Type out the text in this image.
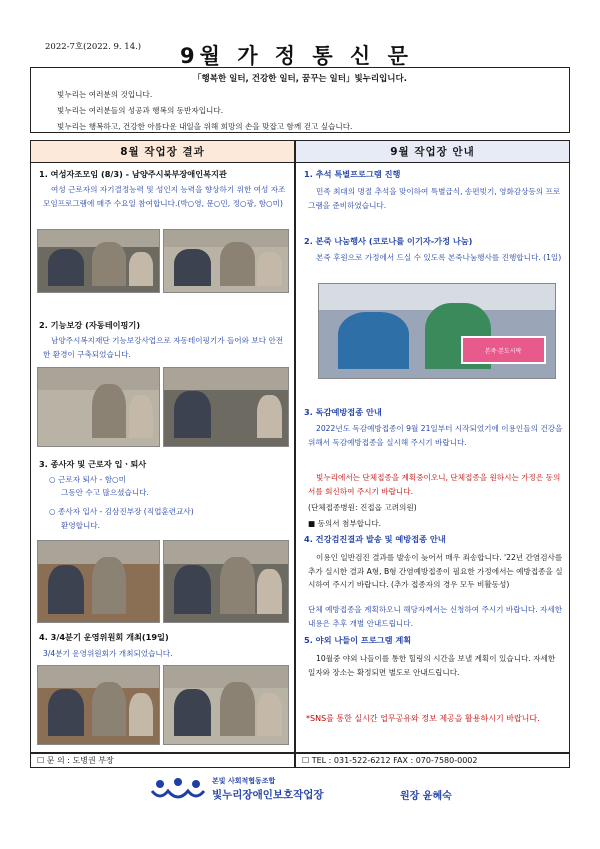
2022-7호(2022. 9. 14.) 9월 가 정 통 신 문
「행복한 일터, 건강한 일터, 꿈꾸는 일터」빛누리입니다.
빛누리는 여러분의 것입니다.
빛누리는 여러분들의 성공과 행복의 동반자입니다.
빛누리는 행복하고, 건강한 아름다운 내일을 위해 희망의 손을 맞잡고 함께 걷고 싶습니다.
8월 작업장 결과
1. 여성자조모임 (8/3) - 남양주시북부장애인복지관
여성 근로자의 자기결정능력 및 성인지 능력을 향상하기 위한 여성 자조모임프로그램에 매주 수요일 참여합니다.(박○영, 문○민, 정○광, 함○미)
2. 기능보강 (자동테이핑기)
남양주시복지재단 기능보강사업으로 자동테이핑기가 들어와 보다 안전한 환경이 구축되었습니다.
3. 종사자 및 근로자 입ㆍ퇴사
○ 근로자 퇴사 - 함○미
그동안 수고 많으셨습니다.
○ 종사자 입사 - 김삼진부장 (직업훈련교사)
환영합니다.
4. 3/4분기 운영위원회 개최(19일)
3/4분기 운영위원회가 개최되었습니다.
9월 작업장 안내
1. 추석 특별프로그램 진행
민족 최대의 명절 추석을 맞이하여 특별급식, 송편빚기, 영화감상등의 프로그램을 준비하였습니다.
2. 본죽 나눔행사 (코로나를 이기자-가정 나눔)
본죽 후원으로 가정에서 드실 수 있도록 본죽나눔행사를 진행합니다. (1일)
본죽·본도시락
3. 독감예방접종 안내
2022년도 독감예방접종이 9월 21일부터 시작되었기에 이용인들의 건강을 위해서 독감예방접종을 실시해 주시기 바랍니다.
빛누리에서는 단체접종을 계획중이오니, 단체접종을 원하시는 가정은 동의서를 회신하여 주시기 바랍니다.
(단체접종병원: 진접읍 고려의원)
■ 동의서 첨부합니다.
4. 건강검진결과 발송 및 예방접종 안내
이용인 일반검진 결과를 발송이 늦어서 매우 죄송합니다. '22년 간염검사를 추가 실시한 결과 A형, B형 간염예방접종이 필요한 가정에서는 예방접종을 실시하여 주시기 바랍니다. (추가 접종자의 경우 모두 비활동성)
단체 예방접종을 계획하오니 해당자께서는 신청하여 주시기 바랍니다. 자세한 내용은 추후 개별 안내드립니다.
5. 야외 나들이 프로그램 계획
10월중 야외 나들이를 통한 힐링의 시간을 보낼 계획이 있습니다. 자세한 일자와 장소는 확정되면 별도로 안내드립니다.
*SNS를 통한 실시간 업무공유와 정보 제공을 활용하시기 바랍니다.
☐ 문 의 : 도병권 부장	☐ TEL : 031-522-6212 FAX : 070-7580-0002
본빛 사회적협동조합
빛누리장애인보호작업장	원장 윤혜숙
